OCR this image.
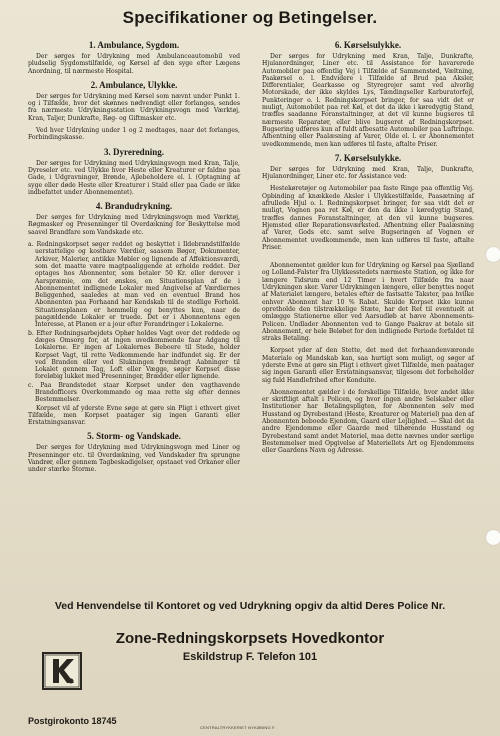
Specifikationer og Betingelser.
1. Ambulance, Sygdom.

Der sørges for Udrykning med Ambulanceautomobil ved pludselig Sygdomstilfælde, og Kørsel af den syge efter Lægens Anordning, til nærmeste Hospital.

2. Ambulance, Ulykke.

Der sørges for Udrykning med Kørsel som nævnt under Punkt 1. og i Tilfælde, hvor det skønnes nødvendigt eller forlanges, sendes fra nærmeste Udrykningsstation Udrykningsvogn med Værktøj, Kran, Taljer, Dunkrafte, Røg- og Giftmasker etc.

Ved hver Udrykning under 1 og 2 medtages, naar det forlanges, Forbindingskasse.

3. Dyreredning.

Der sørges for Udrykning med Udrykningsvogn med Kran, Talje, Dyreseler etc. ved Ulykke hvor Heste eller Kreaturer er faldne paa Gade, i Udgravninger, Brønde, Ajlebeholdere el. l. (Optagning af syge eller døde Heste eller Kreaturer i Stald eller paa Gade er ikke indbefattet under Abonnementet).

4. Brandudrykning.

Der sørges for Udrykning med Udrykningsvogn med Værktøj, Røgmasker og Presenninger til Overdækning for Beskyttelse mod saavel Brandfare som Vandskade etc.

a. Redningskorpset søger reddet og beskyttet i Ildebrandstilfælde uerstattelige og kostbare Værdier, saasom Bøger, Dokumenter, Arkiver, Malerier, antikke Møbler og lignende af Affektionsværdi, som det maatte være magtpaaliggende at erholde reddet. Der optages hos Abonnenter, som betaler 50 Kr. eller derover i Aarspræmie, om det ønskes, en Situationsplan af de i Abonnementet indlignede Lokaler med Angivelse af Værdiernes Beliggenhed, saaledes at man ved en eventuel Brand hos Abonnenten paa Forhaand har Kendskab til de stedlige Forhold. Situationsplanen er hemmelig og benyttes kun, naar de paagældende Lokaler er truede. Det er i Abonnentens egen Interesse, at Planen er a jour efter Forandringer i Lokalerne.

b. Efter Redningsarbejdets Ophør holdes Vagt over det reddede og dæges Omsorg for, at ingen uvedkommende faar Adgang til Lokalerne. Er ingen af Lokalernes Beboere til Stede, holder Korpset Vagt, til rette Vedkommende har indfundet sig. Er der ved Branden eller ved Slukningen frembragt Aabninger til Lokalet gennem Tag, Loft eller Vægge, søger Korpset disse foreløbig lukket med Presenninger, Brædder eller lignende.

c. Paa Brandstedet staar Korpset under den vagthavende Brandofficers Overkommando og maa rette sig efter dennes Bestemmelser.

Korpset vil af yderste Evne søge at gøre sin Pligt i ethvert givet Tilfælde, men Korpset paatager sig ingen Garanti eller Erstatningsansvar.

5. Storm- og Vandskade.

Der sørges for Udrykning med Udrykningsvogn med Liner og Presenninger etc. til Overdækning, ved Vandskader fra sprungne Vandrør, eller gennem Tagbeskadigelser, opstaaet ved Orkaner eller under stærke Storme.

6. Kørselsulykke.

Der sørges for Udrykning med Kran, Talje, Dunkrafte, Hjulanordninger, Liner etc. til Assistance for havarerede Automobiler paa offentlig Vej i Tilfælde af Sammenstød, Væltning, Paakørsel o. l. Endvidere i Tilfælde af Brud paa Aksler, Differentialer, Gearkasse og Styregrejer samt ved alvorlig Motorskade, der ikke skyldes Lys, Tændingseller Karburatorfejl, Punkteringer o. l. Redningskorpset bringer, for saa vidt det er muligt, Automobilet paa ret Køl, et det da ikke i køredygtig Stand, træffes saadanne Foranstaltninger, at det vil kunne bugseres til nærmeste Reparatør, eller blive bugseret af Redningskorpset. Bugsering udføres kun af fuldt afbesatte Automobiler paa Luftringe. Afhentning eller Paalæsning af Varer, Olde el. l. er Abonnementet uvedkommende, men kan udføres til faste, aftalte Priser.

7. Kørselsulykke.

Der sørges for Udrykning med Kran, Talje, Dunkrafte, Hjulanordninger, Liner etc. for Assistance ved:

Hestekøretøjer og Automobiler paa faste Ringe paa offentlig Vej. Opbinding af knækkede Aksler i Ulykkestilfælde, Paasætning af afrullede Hjul o. l. Redningskorpset bringer, for saa vidt det er muligt, Vognen paa ret Køl, er den da ikke i køredygtig Stand, træffes dannes Foranstaltninger, at den vil kunne bugseres. Hjemsted eller Reparationsværksted. Afhentning eller Paalæsning af Varer, Gods etc. samt selve Bugseringen af Vognen er Abonnementet uvedkommende, men kan udføres til faste, aftalte Priser.

Abonnementet gælder kun for Udrykning og Kørsel paa Sjælland og Lolland-Falster fra Ulykkesstedets nærmeste Station, og ikke for længere Tidsrum end 12 Timer i hvert Tilfælde fra naar Udrykningen sker. Varer Udrykningen længere, eller benyttes noget af Materialet længere, betales efter de fastsatte Takster, paa hvilke enhver Abonnent har 10 % Rabat. Skulde Korpset ikke kunne opretholde den tilstrækkelige Stæte, har det Ret til eventuelt at omlægge Stationerne eller ved Aarsudløb at hæve Abonnements-Policen. Undlader Abonnenten ved to Gange Paakrav at betale sit Abonnement, er hele Beløbet for den indlignede Periode forfaldet til straks Betaling.

Korpset yder af den Stette, det med det forhaandenværende Materiale og Mandskab kan, saa hurtigt som muligt, og søger af yderste Evne at gøre sin Pligt i ethvert givet Tilfælde, men paatager sig ingen Garanti eller Erstatningsansvar, tilgesom det forbeholder sig fuld Handlefrihed efter Konduite.

Abonnementet gælder i de forskellige Tilfælde, hvor andet ikke er skriftligt aftalt i Policen, og hvor ingen andre Selskaber eller Institutioner har Betalingspligten, for Abonnenten selv med Husstand og Dyrebestand (Heste, Kreaturer og Materiel) paa den af Abonnenten beboede Ejendom, Gaard eller Lejlighed. — Skal det da andre Ejendomme eller Gaarde med tilhørende Husstand og Dyrebestand samt andet Materiel, maa dette nævnes under særlige Bestemmelser med Opgivelse af Materiellets Art og Ejendommens eller Gaardens Navn og Adresse.

Ved Henvendelse til Kontoret og ved Udrykning opgiv da altid Deres Police Nr.
Zone-Redningskorpsets Hovedkontor
Eskildstrup F. Telefon 101
Postgirokonto 18745
CENTRALTRYKKERIET NYKØBING F.
